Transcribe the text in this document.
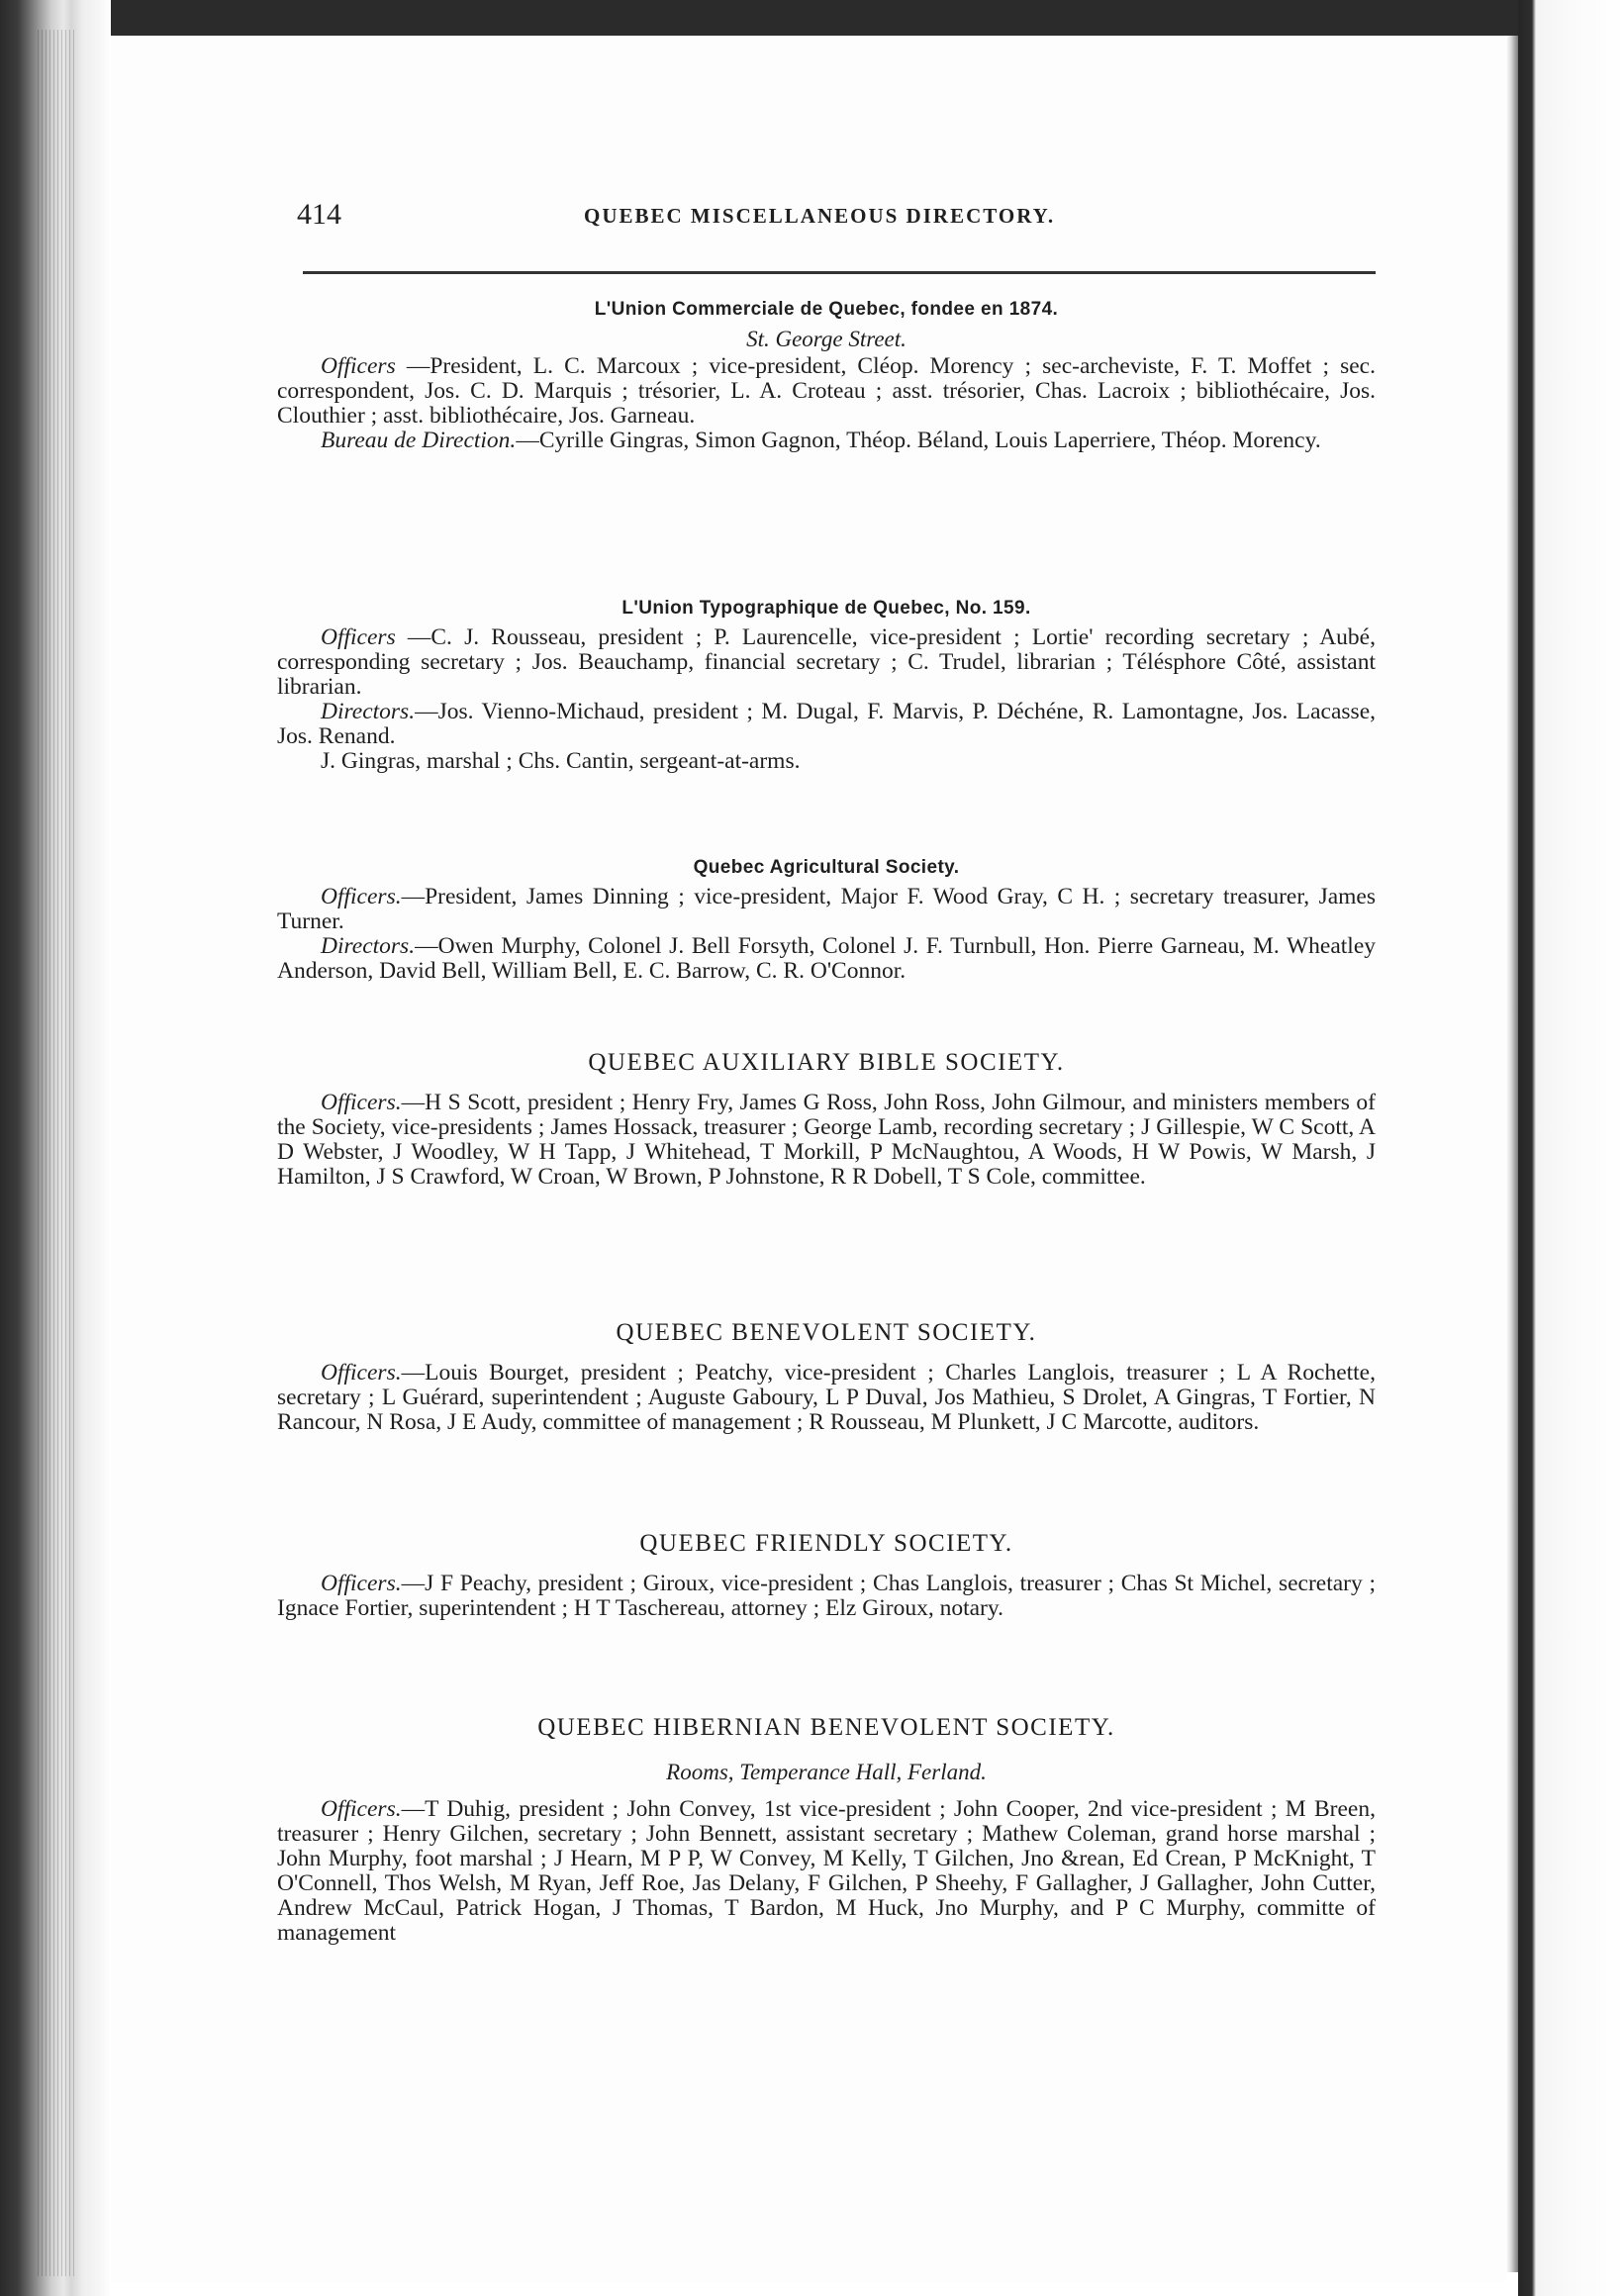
414	QUEBEC MISCELLANEOUS DIRECTORY.
L'Union Commerciale de Quebec, fondee en 1874.
St. George Street.

Officers —President, L. C. Marcoux ; vice-president, Cléop. Morency ; sec-archeviste, F. T. Moffet ; sec. correspondent, Jos. C. D. Marquis ; trésorier, L. A. Croteau ; asst. trésorier, Chas. Lacroix ; bibliothécaire, Jos. Clouthier ; asst. bibliothécaire, Jos. Garneau.

Bureau de Direction.—Cyrille Gingras, Simon Gagnon, Théop. Béland, Louis Laperriere, Théop. Morency.

L'Union Typographique de Quebec, No. 159.

Officers —C. J. Rousseau, president ; P. Laurencelle, vice-president ; Lortie' recording secretary ; Aubé, corresponding secretary ; Jos. Beauchamp, financial secretary ; C. Trudel, librarian ; Télésphore Côté, assistant librarian.

Directors.—Jos. Vienno-Michaud, president ; M. Dugal, F. Marvis, P. Déchéne, R. Lamontagne, Jos. Lacasse, Jos. Renand.

J. Gingras, marshal ; Chs. Cantin, sergeant-at-arms.

Quebec Agricultural Society.

Officers.—President, James Dinning ; vice-president, Major F. Wood Gray, C H. ; secretary treasurer, James Turner.

Directors.—Owen Murphy, Colonel J. Bell Forsyth, Colonel J. F. Turnbull, Hon. Pierre Garneau, M. Wheatley Anderson, David Bell, William Bell, E. C. Barrow, C. R. O'Connor.

QUEBEC AUXILIARY BIBLE SOCIETY.

Officers.—H S Scott, president ; Henry Fry, James G Ross, John Ross, John Gilmour, and ministers members of the Society, vice-presidents ; James Hossack, treasurer ; George Lamb, recording secretary ; J Gillespie, W C Scott, A D Webster, J Woodley, W H Tapp, J Whitehead, T Morkill, P McNaughtou, A Woods, H W Powis, W Marsh, J Hamilton, J S Crawford, W Croan, W Brown, P Johnstone, R R Dobell, T S Cole, committee.

QUEBEC BENEVOLENT SOCIETY.

Officers.—Louis Bourget, president ; Peatchy, vice-president ; Charles Langlois, treasurer ; L A Rochette, secretary ; L Guérard, superintendent ; Auguste Gaboury, L P Duval, Jos Mathieu, S Drolet, A Gingras, T Fortier, N Rancour, N Rosa, J E Audy, committee of management ; R Rousseau, M Plunkett, J C Marcotte, auditors.

QUEBEC FRIENDLY SOCIETY.

Officers.—J F Peachy, president ; Giroux, vice-president ; Chas Langlois, treasurer ; Chas St Michel, secretary ; Ignace Fortier, superintendent ; H T Taschereau, attorney ; Elz Giroux, notary.

QUEBEC HIBERNIAN BENEVOLENT SOCIETY.
Rooms, Temperance Hall, Ferland.

Officers.—T Duhig, president ; John Convey, 1st vice-president ; John Cooper, 2nd vice-president ; M Breen, treasurer ; Henry Gilchen, secretary ; John Bennett, assistant secretary ; Mathew Coleman, grand horse marshal ; John Murphy, foot marshal ; J Hearn, M P P, W Convey, M Kelly, T Gilchen, Jno &rean, Ed Crean, P McKnight, T O'Connell, Thos Welsh, M Ryan, Jeff Roe, Jas Delany, F Gilchen, P Sheehy, F Gallagher, J Gallagher, John Cutter, Andrew McCaul, Patrick Hogan, J Thomas, T Bardon, M Huck, Jno Murphy, and P C Murphy, committe of management
